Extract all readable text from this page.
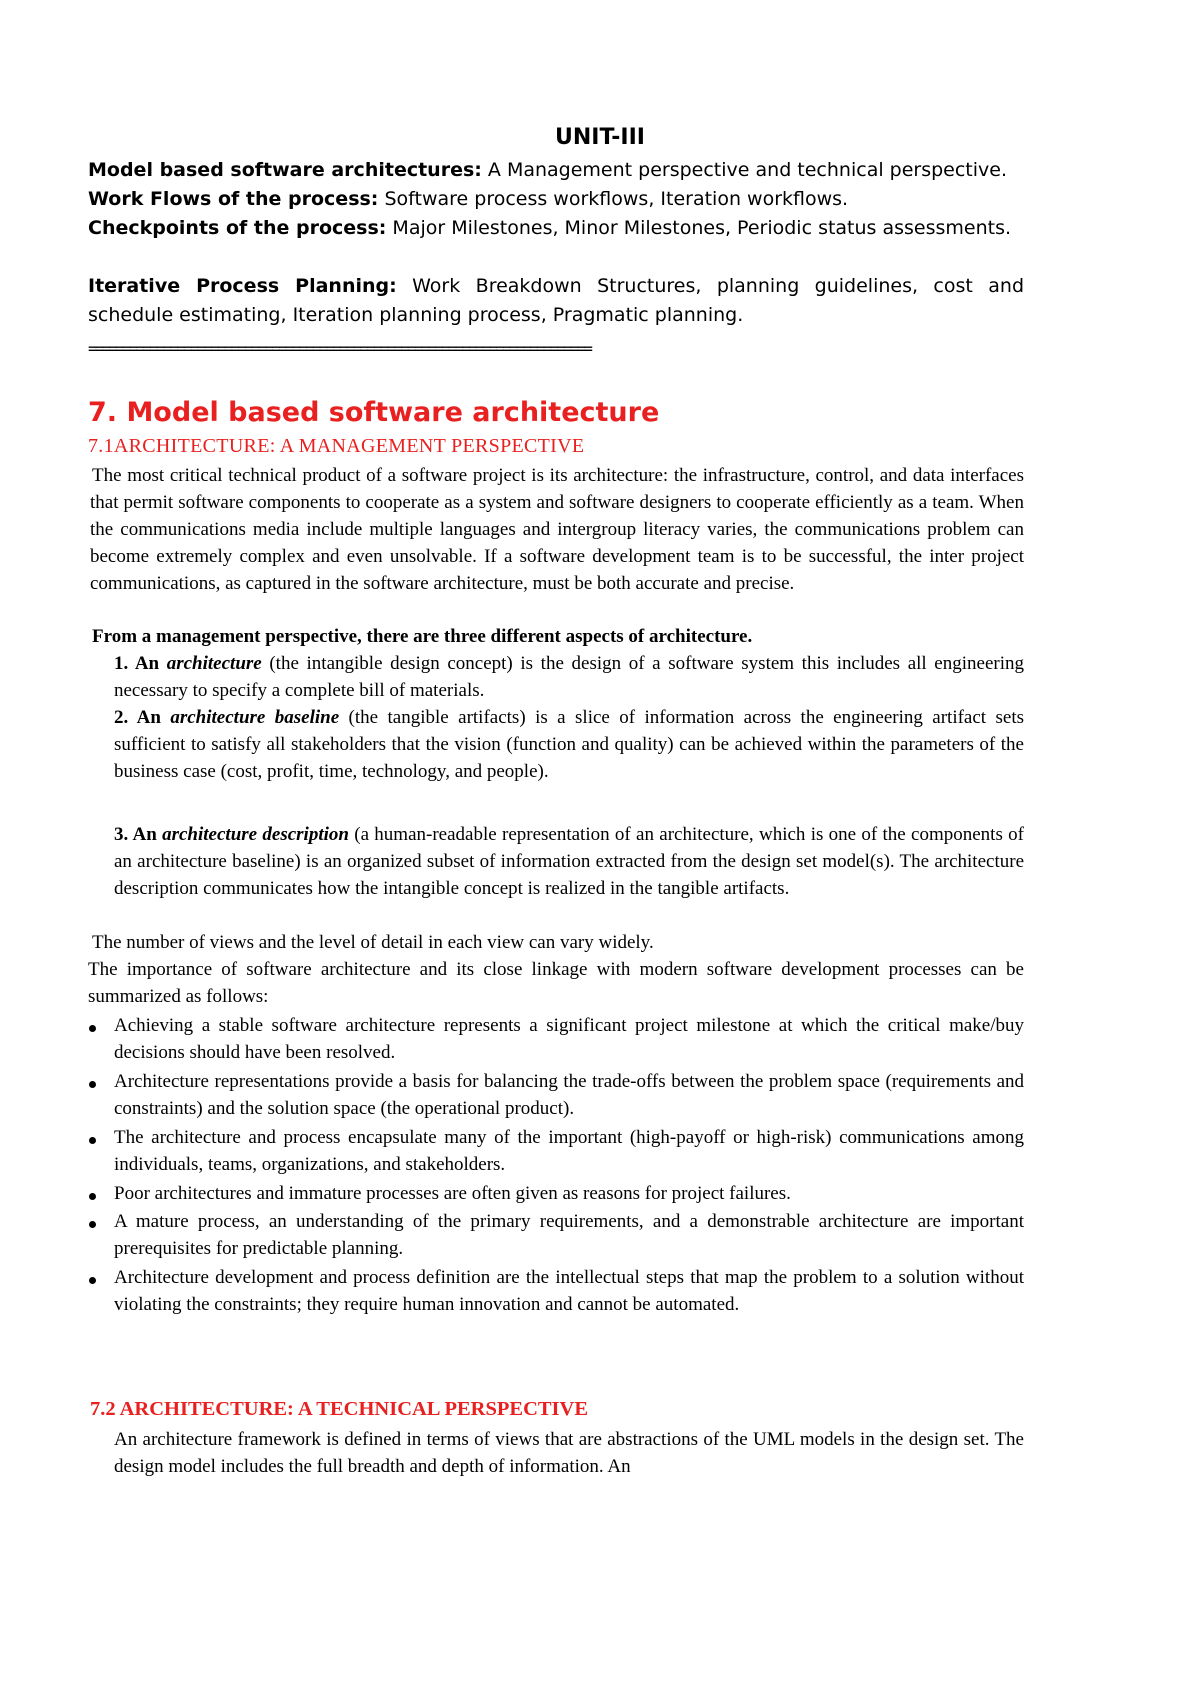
UNIT-III
Model based software architectures: A Management perspective and technical perspective.
Work Flows of the process: Software process workflows, Iteration workflows.
Checkpoints of the process: Major Milestones, Minor Milestones, Periodic status assessments.
Iterative Process Planning: Work Breakdown Structures, planning guidelines, cost and schedule estimating, Iteration planning process, Pragmatic planning.
==========================================================================
7. Model based software architecture
7.1ARCHITECTURE: A MANAGEMENT PERSPECTIVE
The most critical technical product of a software project is its architecture: the infrastructure, control, and data interfaces that permit software components to cooperate as a system and software designers to cooperate efficiently as a team. When the communications media include multiple languages and intergroup literacy varies, the communications problem can become extremely complex and even unsolvable. If a software development team is to be successful, the inter project communications, as captured in the software architecture, must be both accurate and precise.
From a management perspective, there are three different aspects of architecture.
1. An architecture (the intangible design concept) is the design of a software system this includes all engineering necessary to specify a complete bill of materials.
2. An architecture baseline (the tangible artifacts) is a slice of information across the engineering artifact sets sufficient to satisfy all stakeholders that the vision (function and quality) can be achieved within the parameters of the business case (cost, profit, time, technology, and people).
3. An architecture description (a human-readable representation of an architecture, which is one of the components of an architecture baseline) is an organized subset of information extracted from the design set model(s). The architecture description communicates how the intangible concept is realized in the tangible artifacts.
The number of views and the level of detail in each view can vary widely.
The importance of software architecture and its close linkage with modern software development processes can be summarized as follows:
Achieving a stable software architecture represents a significant project milestone at which the critical make/buy decisions should have been resolved.
Architecture representations provide a basis for balancing the trade-offs between the problem space (requirements and constraints) and the solution space (the operational product).
The architecture and process encapsulate many of the important (high-payoff or high-risk) communications among individuals, teams, organizations, and stakeholders.
Poor architectures and immature processes are often given as reasons for project failures.
A mature process, an understanding of the primary requirements, and a demonstrable architecture are important prerequisites for predictable planning.
Architecture development and process definition are the intellectual steps that map the problem to a solution without violating the constraints; they require human innovation and cannot be automated.
7.2 ARCHITECTURE: A TECHNICAL PERSPECTIVE
An architecture framework is defined in terms of views that are abstractions of the UML models in the design set. The design model includes the full breadth and depth of information. An
